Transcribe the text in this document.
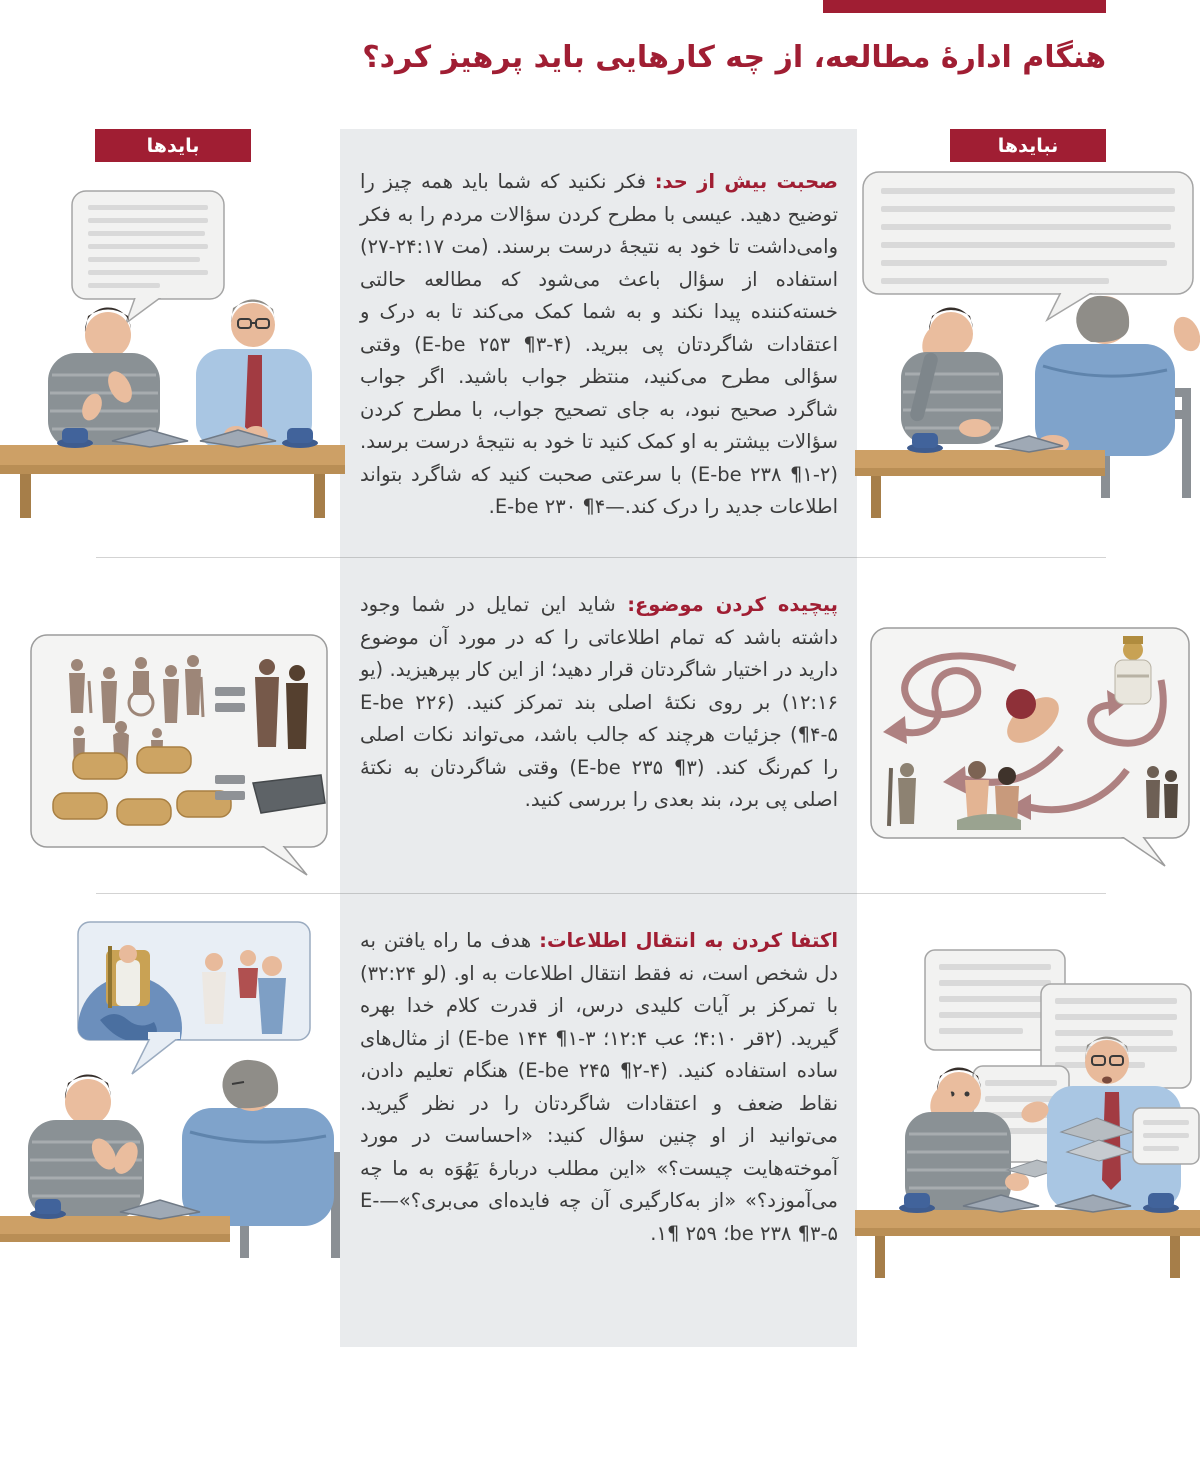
هنگام ادارهٔ مطالعه، از چه کارهایی باید پرهیز کرد؟
بایدها	نبایدها

صحبت بیش از حد: فکر نکنید که شما باید همه چیز را توضیح دهید. عیسی با مطرح کردن سؤالات مردم را به فکر وامی‌داشت تا خود به نتیجهٔ درست برسند. (مت ۲۴:۱۷-۲۷) استفاده از سؤال باعث می‌شود که مطالعه حالتی خسته‌کننده پیدا نکند و به شما کمک می‌کند تا به درک و اعتقادات شاگردتان پی ببرید. (E-be ۲۵۳ ¶۳-۴) وقتی سؤالی مطرح می‌کنید، منتظر جواب باشید. اگر جواب شاگرد صحیح نبود، به جای تصحیح جواب، با مطرح کردن سؤالات بیشتر به او کمک کنید تا خود به نتیجهٔ درست برسد. (E-be ۲۳۸ ¶۱-۲) با سرعتی صحبت کنید که شاگرد بتواند اطلاعات جدید را درک کند.—E-be ۲۳۰ ¶۴.

پیچیده کردن موضوع: شاید این تمایل در شما وجود داشته باشد که تمام اطلاعاتی را که در مورد آن موضوع دارید در اختیار شاگردتان قرار دهید؛ از این کار بپرهیزید. (یو ۱۲:۱۶) بر روی نکتهٔ اصلی بند تمرکز کنید. (E-be ۲۲۶ ¶۴-۵) جزئیات هرچند که جالب باشد، می‌تواند نکات اصلی را کم‌رنگ کند. (E-be ۲۳۵ ¶۳) وقتی شاگردتان به نکتهٔ اصلی پی برد، بند بعدی را بررسی کنید.

اکتفا کردن به انتقال اطلاعات: هدف ما راه یافتن به دل شخص است، نه فقط انتقال اطلاعات به او. (لو ۳۲:۲۴) با تمرکز بر آیات کلیدی درس، از قدرت کلام خدا بهره گیرید. (۲قر ۴:۱۰؛ عب ۱۲:۴؛ E-be ۱۴۴ ¶۱-۳) از مثال‌های ساده استفاده کنید. (E-be ۲۴۵ ¶۲-۴) هنگام تعلیم دادن، نقاط ضعف و اعتقادات شاگردتان را در نظر گیرید. می‌توانید از او چنین سؤال کنید: «احساست در مورد آموخته‌هایت چیست؟» «این مطلب دربارهٔ یَهُوَه به ما چه می‌آموزد؟» «از به‌کارگیری آن چه فایده‌ای می‌بری؟»—E-be ۲۳۸ ¶۳-۵؛ ۲۵۹ ¶۱.
